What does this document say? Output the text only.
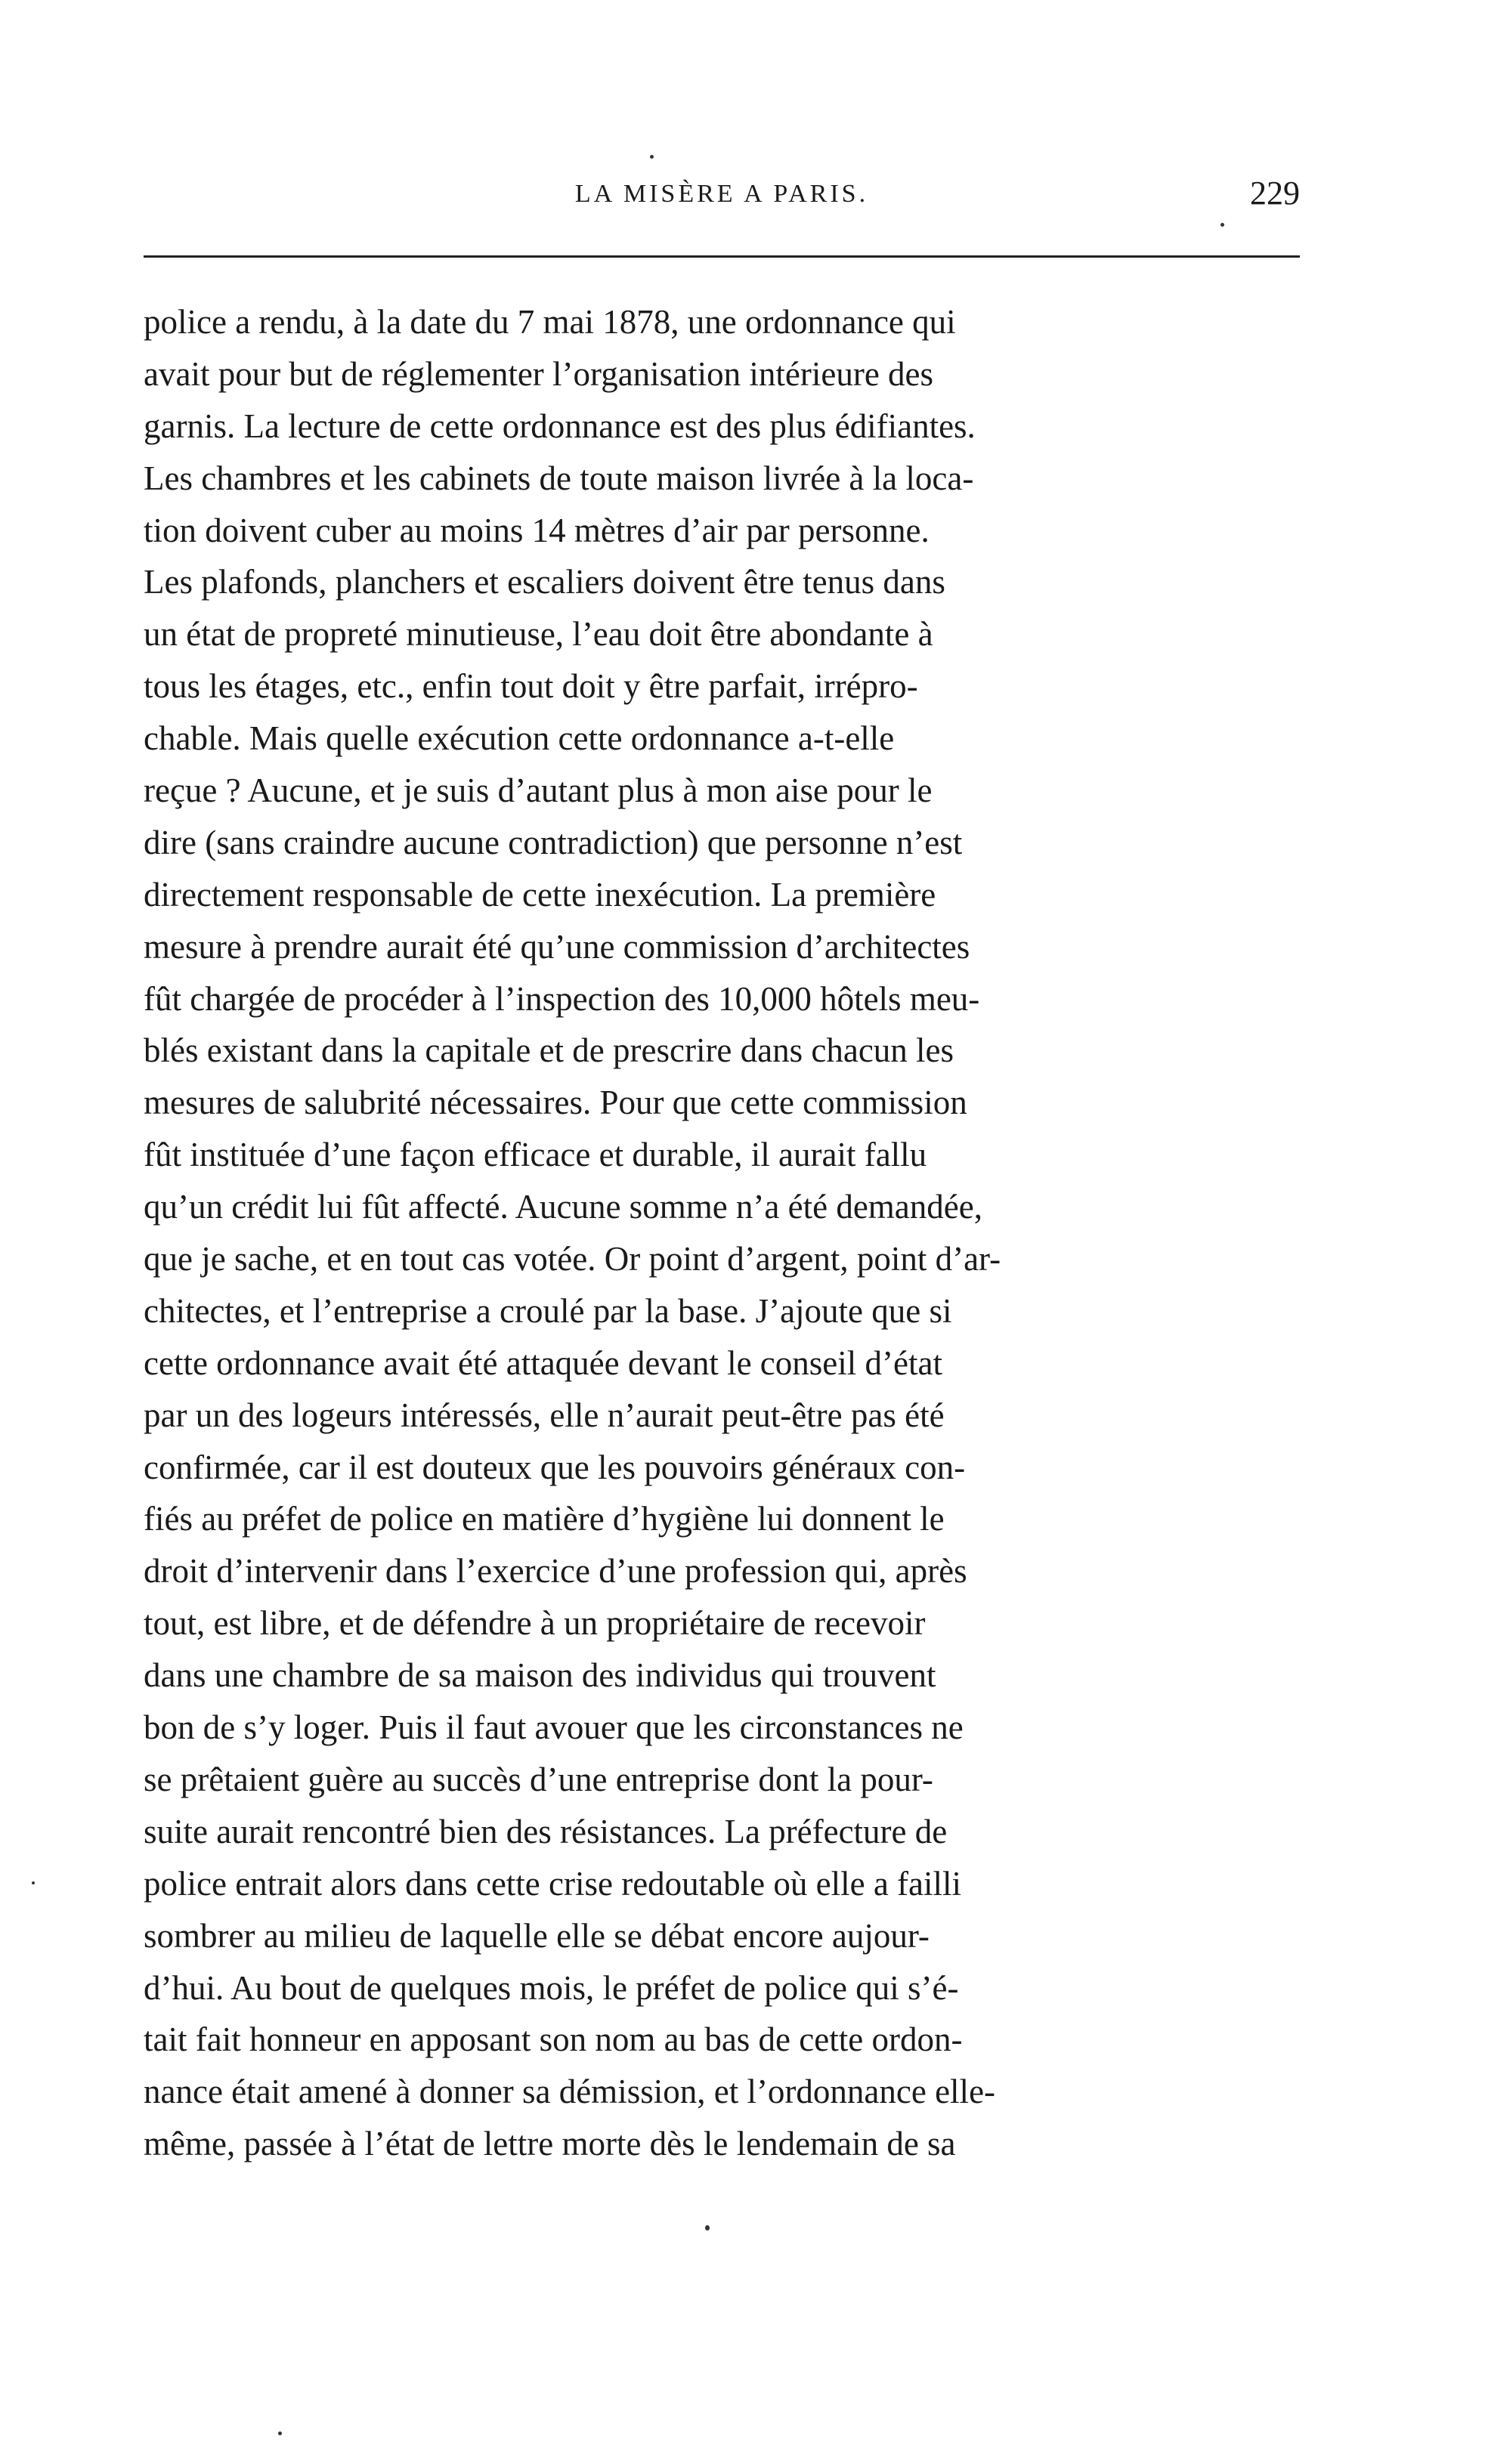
LA MISÈRE A PARIS.	229
police a rendu, à la date du 7 mai 1878, une ordonnance qui
avait pour but de réglementer l’organisation intérieure des
garnis. La lecture de cette ordonnance est des plus édifiantes.
Les chambres et les cabinets de toute maison livrée à la loca-
tion doivent cuber au moins 14 mètres d’air par personne.
Les plafonds, planchers et escaliers doivent être tenus dans
un état de propreté minutieuse, l’eau doit être abondante à
tous les étages, etc., enfin tout doit y être parfait, irrépro-
chable. Mais quelle exécution cette ordonnance a-t-elle
reçue ? Aucune, et je suis d’autant plus à mon aise pour le
dire (sans craindre aucune contradiction) que personne n’est
directement responsable de cette inexécution. La première
mesure à prendre aurait été qu’une commission d’architectes
fût chargée de procéder à l’inspection des 10,000 hôtels meu-
blés existant dans la capitale et de prescrire dans chacun les
mesures de salubrité nécessaires. Pour que cette commission
fût instituée d’une façon efficace et durable, il aurait fallu
qu’un crédit lui fût affecté. Aucune somme n’a été demandée,
que je sache, et en tout cas votée. Or point d’argent, point d’ar-
chitectes, et l’entreprise a croulé par la base. J’ajoute que si
cette ordonnance avait été attaquée devant le conseil d’état
par un des logeurs intéressés, elle n’aurait peut-être pas été
confirmée, car il est douteux que les pouvoirs généraux con-
fiés au préfet de police en matière d’hygiène lui donnent le
droit d’intervenir dans l’exercice d’une profession qui, après
tout, est libre, et de défendre à un propriétaire de recevoir
dans une chambre de sa maison des individus qui trouvent
bon de s’y loger. Puis il faut avouer que les circonstances ne
se prêtaient guère au succès d’une entreprise dont la pour-
suite aurait rencontré bien des résistances. La préfecture de
police entrait alors dans cette crise redoutable où elle a failli
sombrer au milieu de laquelle elle se débat encore aujour-
d’hui. Au bout de quelques mois, le préfet de police qui s’é-
tait fait honneur en apposant son nom au bas de cette ordon-
nance était amené à donner sa démission, et l’ordonnance elle-
même, passée à l’état de lettre morte dès le lendemain de sa
